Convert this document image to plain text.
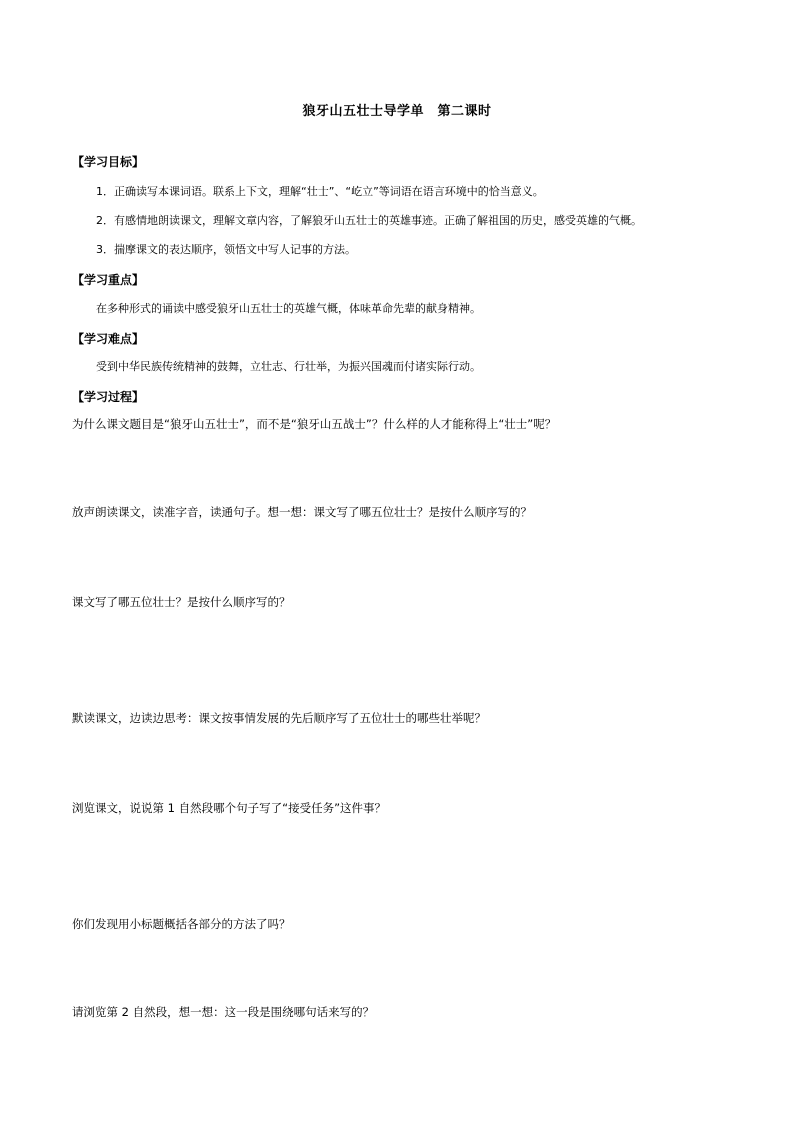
狼牙山五壮士导学单　第二课时
【学习目标】
1．正确读写本课词语。联系上下文，理解“壮士”、“屹立”等词语在语言环境中的恰当意义。
2．有感情地朗读课文，理解文章内容，了解狼牙山五壮士的英雄事迹。正确了解祖国的历史，感受英雄的气概。
3．揣摩课文的表达顺序，领悟文中写人记事的方法。
【学习重点】
在多种形式的诵读中感受狼牙山五壮士的英雄气概，体味革命先辈的献身精神。
【学习难点】
受到中华民族传统精神的鼓舞，立壮志、行壮举，为振兴国魂而付诸实际行动。
【学习过程】
为什么课文题目是“狼牙山五壮士”，而不是“狼牙山五战士”？什么样的人才能称得上“壮士”呢？
放声朗读课文，读准字音，读通句子。想一想：课文写了哪五位壮士？是按什么顺序写的？
课文写了哪五位壮士？是按什么顺序写的？
默读课文，边读边思考：课文按事情发展的先后顺序写了五位壮士的哪些壮举呢？
浏览课文，说说第 1 自然段哪个句子写了“接受任务”这件事？
你们发现用小标题概括各部分的方法了吗？
请浏览第 2 自然段，想一想：这一段是围绕哪句话来写的？
